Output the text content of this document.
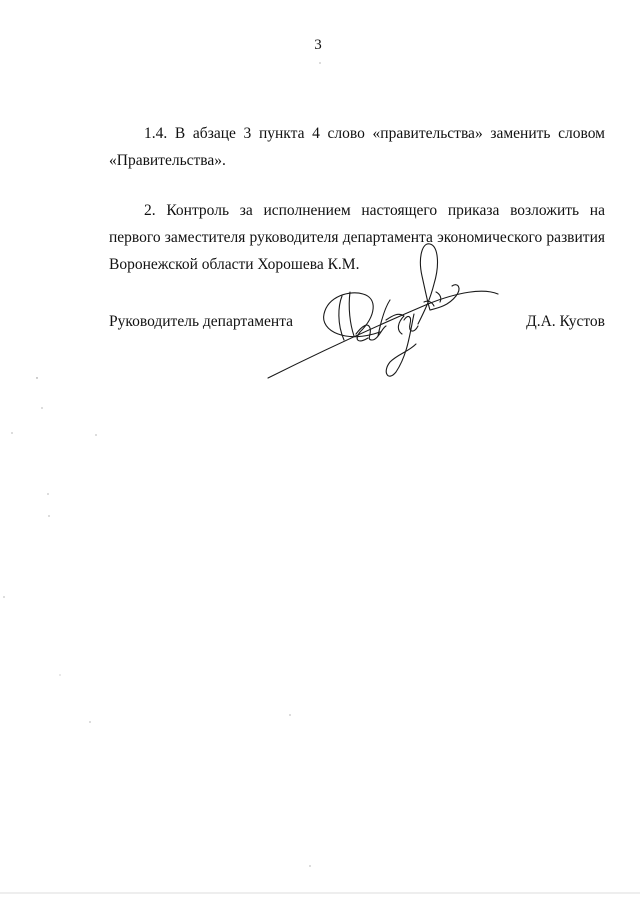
3

1.4. В абзаце 3 пункта 4 слово «правительства» заменить словом
«Правительства».

2. Контроль за исполнением настоящего приказа возложить на
первого заместителя руководителя департамента экономического развития
Воронежской области Хорошева К.М.

Руководитель департамента	Д.А. Кустов
